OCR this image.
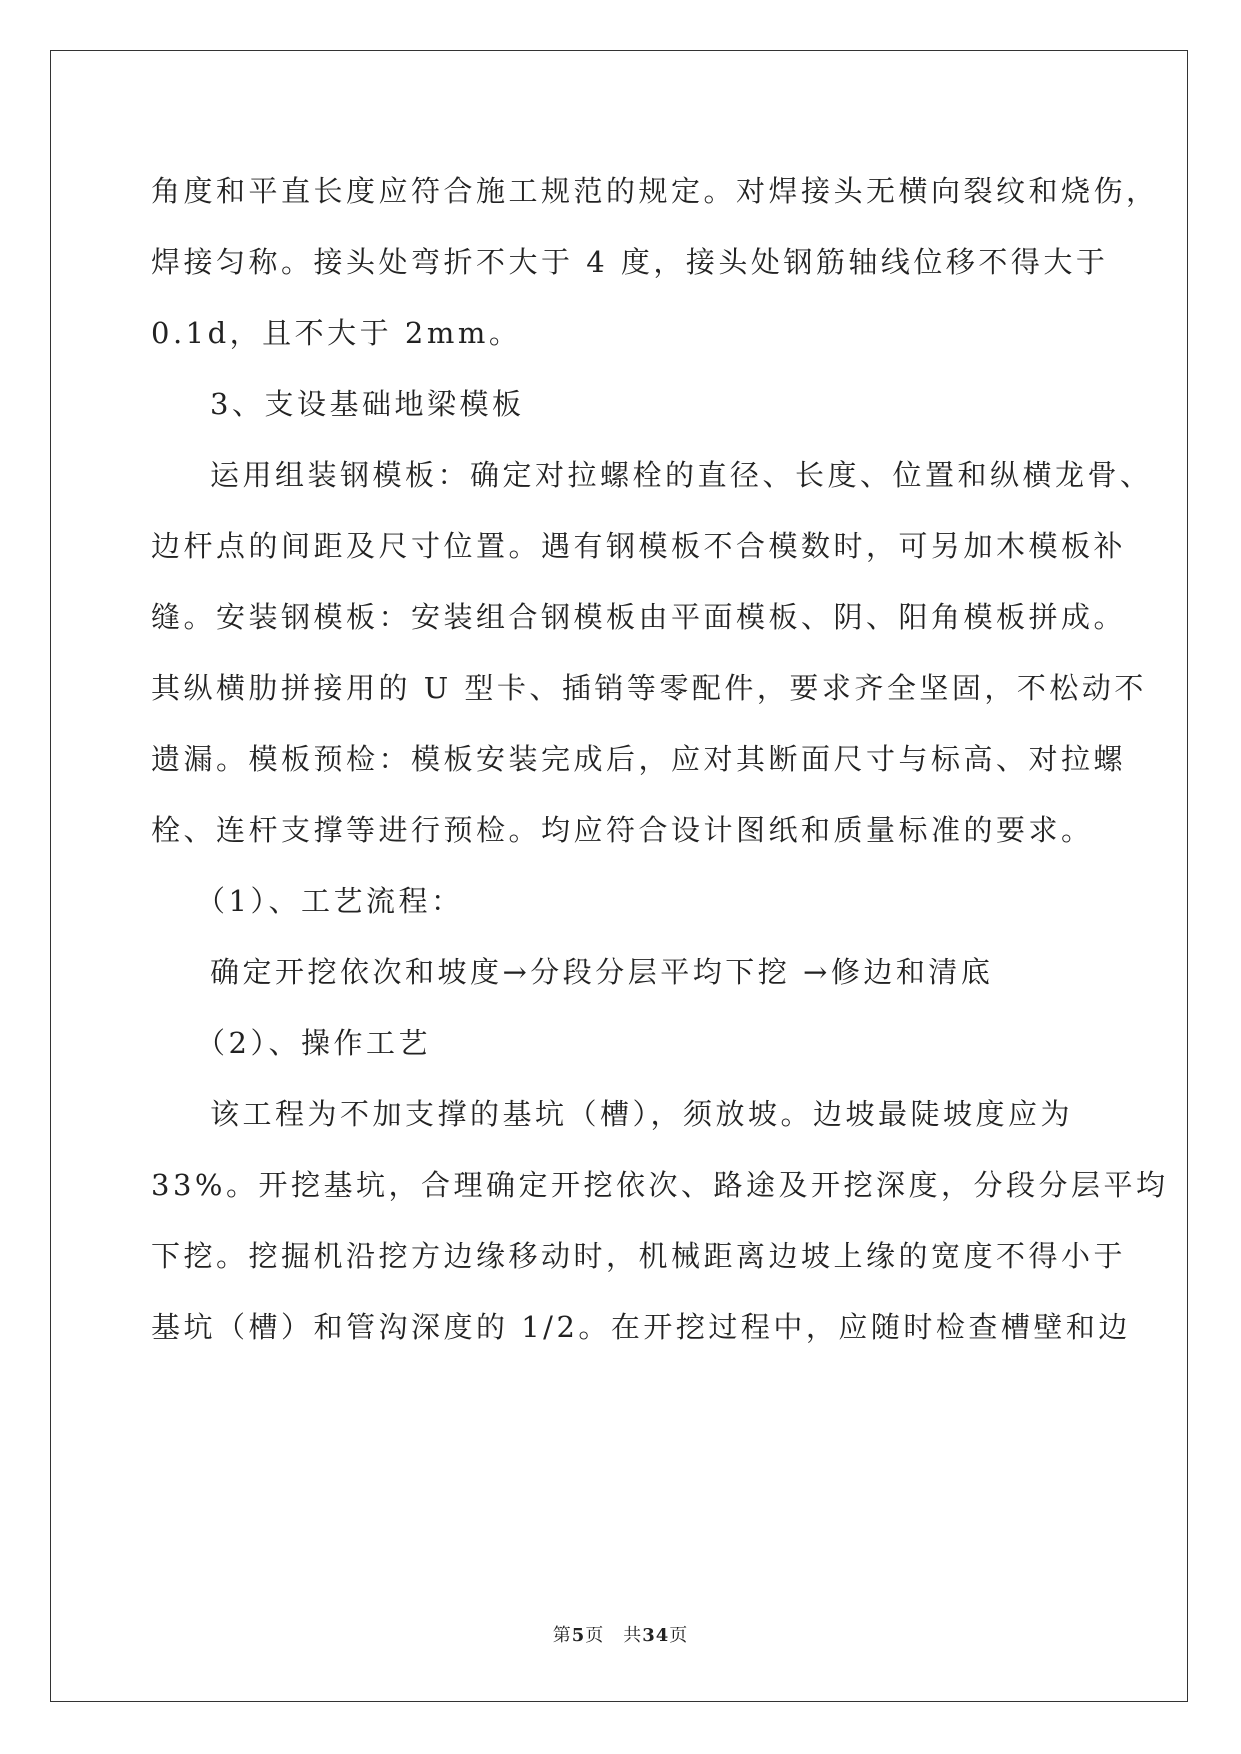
角度和平直长度应符合施工规范的规定。对焊接头无横向裂纹和烧伤，
焊接匀称。接头处弯折不大于 4 度，接头处钢筋轴线位移不得大于
0.1d，且不大于 2mm。
3、支设基础地梁模板
运用组装钢模板：确定对拉螺栓的直径、长度、位置和纵横龙骨、
边杆点的间距及尺寸位置。遇有钢模板不合模数时，可另加木模板补
缝。安装钢模板：安装组合钢模板由平面模板、阴、阳角模板拼成。
其纵横肋拼接用的 U 型卡、插销等零配件，要求齐全坚固，不松动不
遗漏。模板预检：模板安装完成后，应对其断面尺寸与标高、对拉螺
栓、连杆支撑等进行预检。均应符合设计图纸和质量标准的要求。
（1）、工艺流程：
确定开挖依次和坡度→分段分层平均下挖 →修边和清底
（2）、操作工艺
该工程为不加支撑的基坑（槽），须放坡。边坡最陡坡度应为
33%。开挖基坑，合理确定开挖依次、路途及开挖深度，分段分层平均
下挖。挖掘机沿挖方边缘移动时，机械距离边坡上缘的宽度不得小于
基坑（槽）和管沟深度的 1/2。在开挖过程中，应随时检查槽壁和边
第5页　共34页
